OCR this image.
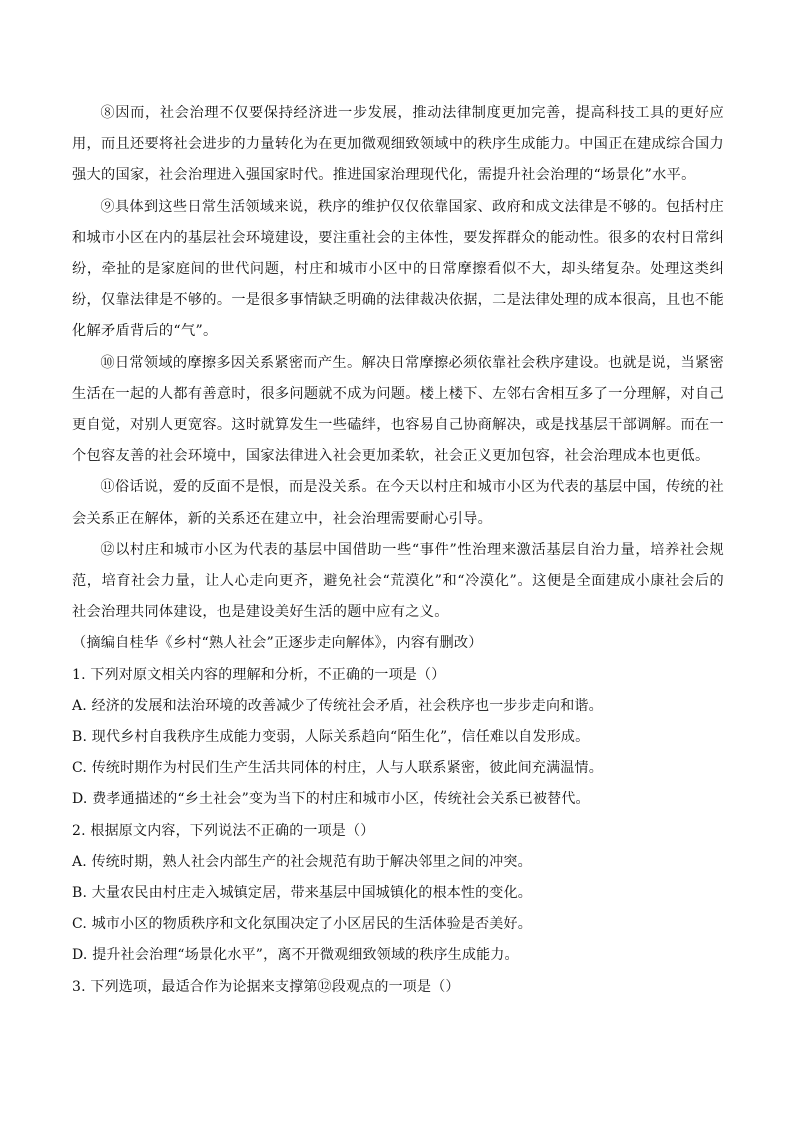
⑧因而，社会治理不仅要保持经济进一步发展，推动法律制度更加完善，提高科技工具的更好应用，而且还要将社会进步的力量转化为在更加微观细致领域中的秩序生成能力。中国正在建成综合国力强大的国家，社会治理进入强国家时代。推进国家治理现代化，需提升社会治理的“场景化”水平。

⑨具体到这些日常生活领域来说，秩序的维护仅仅依靠国家、政府和成文法律是不够的。包括村庄和城市小区在内的基层社会环境建设，要注重社会的主体性，要发挥群众的能动性。很多的农村日常纠纷，牵扯的是家庭间的世代问题，村庄和城市小区中的日常摩擦看似不大，却头绪复杂。处理这类纠纷，仅靠法律是不够的。一是很多事情缺乏明确的法律裁决依据，二是法律处理的成本很高，且也不能化解矛盾背后的“气”。

⑩日常领域的摩擦多因关系紧密而产生。解决日常摩擦必须依靠社会秩序建设。也就是说，当紧密生活在一起的人都有善意时，很多问题就不成为问题。楼上楼下、左邻右舍相互多了一分理解，对自己更自觉，对别人更宽容。这时就算发生一些磕绊，也容易自己协商解决，或是找基层干部调解。而在一个包容友善的社会环境中，国家法律进入社会更加柔软，社会正义更加包容，社会治理成本也更低。

⑪俗话说，爱的反面不是恨，而是没关系。在今天以村庄和城市小区为代表的基层中国，传统的社会关系正在解体，新的关系还在建立中，社会治理需要耐心引导。

⑫以村庄和城市小区为代表的基层中国借助一些“事件”性治理来激活基层自治力量，培养社会规范，培育社会力量，让人心走向更齐，避免社会“荒漠化”和“冷漠化”。这便是全面建成小康社会后的社会治理共同体建设，也是建设美好生活的题中应有之义。

（摘编自桂华《乡村“熟人社会”正逐步走向解体》，内容有删改）

1. 下列对原文相关内容的理解和分析，不正确的一项是（）

A. 经济的发展和法治环境的改善减少了传统社会矛盾，社会秩序也一步步走向和谐。

B. 现代乡村自我秩序生成能力变弱，人际关系趋向“陌生化”，信任难以自发形成。

C. 传统时期作为村民们生产生活共同体的村庄，人与人联系紧密，彼此间充满温情。

D. 费孝通描述的“乡土社会”变为当下的村庄和城市小区，传统社会关系已被替代。

2. 根据原文内容，下列说法不正确的一项是（）

A. 传统时期，熟人社会内部生产的社会规范有助于解决邻里之间的冲突。

B. 大量农民由村庄走入城镇定居，带来基层中国城镇化的根本性的变化。

C. 城市小区的物质秩序和文化氛围决定了小区居民的生活体验是否美好。

D. 提升社会治理“场景化水平”，离不开微观细致领域的秩序生成能力。

3. 下列选项，最适合作为论据来支撑第⑫段观点的一项是（）
